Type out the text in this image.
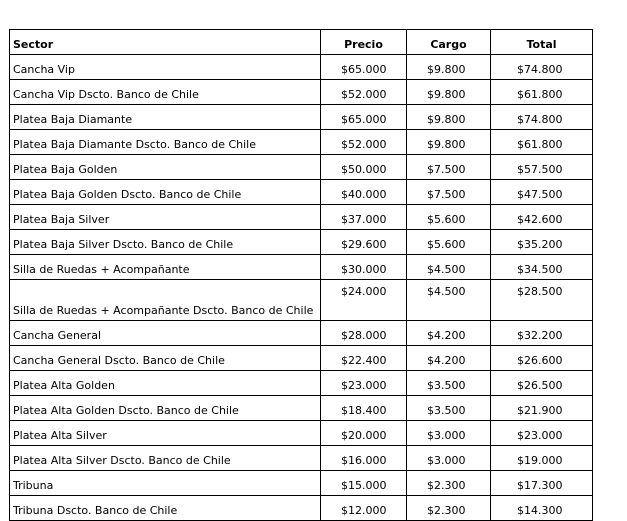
Sector	Precio	Cargo	Total
Cancha Vip	$65.000	$9.800	$74.800
Cancha Vip Dscto. Banco de Chile	$52.000	$9.800	$61.800
Platea Baja Diamante	$65.000	$9.800	$74.800
Platea Baja Diamante Dscto. Banco de Chile	$52.000	$9.800	$61.800
Platea Baja Golden	$50.000	$7.500	$57.500
Platea Baja Golden Dscto. Banco de Chile	$40.000	$7.500	$47.500
Platea Baja Silver	$37.000	$5.600	$42.600
Platea Baja Silver Dscto. Banco de Chile	$29.600	$5.600	$35.200
Silla de Ruedas + Acompañante	$30.000	$4.500	$34.500
Silla de Ruedas + Acompañante Dscto. Banco de Chile	$24.000	$4.500	$28.500
Cancha General	$28.000	$4.200	$32.200
Cancha General Dscto. Banco de Chile	$22.400	$4.200	$26.600
Platea Alta Golden	$23.000	$3.500	$26.500
Platea Alta Golden Dscto. Banco de Chile	$18.400	$3.500	$21.900
Platea Alta Silver	$20.000	$3.000	$23.000
Platea Alta Silver Dscto. Banco de Chile	$16.000	$3.000	$19.000
Tribuna	$15.000	$2.300	$17.300
Tribuna Dscto. Banco de Chile	$12.000	$2.300	$14.300
